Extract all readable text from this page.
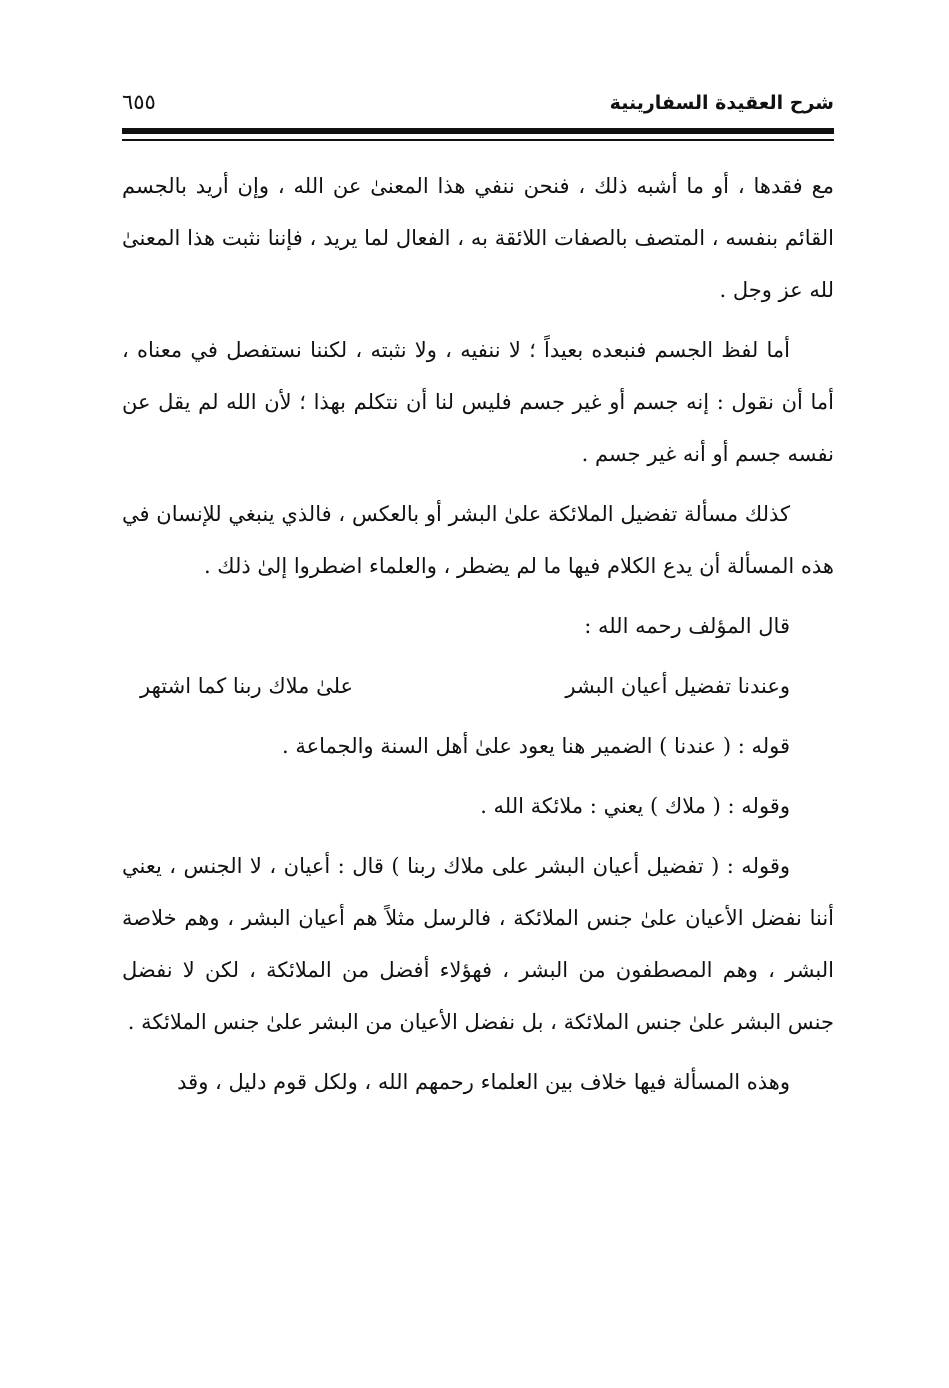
شرح العقيدة السفارينية
٦٥٥

مع فقدها ، أو ما أشبه ذلك ، فنحن ننفي هذا المعنىٰ عن الله ، وإن أريد بالجسم القائم بنفسه ، المتصف بالصفات اللائقة به ، الفعال لما يريد ، فإننا نثبت هذا المعنىٰ لله عز وجل .

أما لفظ الجسم فنبعده بعيداً ؛ لا ننفيه ، ولا نثبته ، لكننا نستفصل في معناه ، أما أن نقول : إنه جسم أو غير جسم فليس لنا أن نتكلم بهذا ؛ لأن الله لم يقل عن نفسه جسم أو أنه غير جسم .

كذلك مسألة تفضيل الملائكة علىٰ البشر أو بالعكس ، فالذي ينبغي للإنسان في هذه المسألة أن يدع الكلام فيها ما لم يضطر ، والعلماء اضطروا إلىٰ ذلك .

قال المؤلف رحمه الله :

وعندنا تفضيل أعيان البشر
علىٰ ملاك ربنا كما اشتهر

قوله : ( عندنا ) الضمير هنا يعود علىٰ أهل السنة والجماعة .

وقوله : ( ملاك ) يعني : ملائكة الله .

وقوله : ( تفضيل أعيان البشر على ملاك ربنا ) قال : أعيان ، لا الجنس ، يعني أننا نفضل الأعيان علىٰ جنس الملائكة ، فالرسل مثلاً هم أعيان البشر ، وهم خلاصة البشر ، وهم المصطفون من البشر ، فهؤلاء أفضل من الملائكة ، لكن لا نفضل جنس البشر علىٰ جنس الملائكة ، بل نفضل الأعيان من البشر علىٰ جنس الملائكة .

وهذه المسألة فيها خلاف بين العلماء رحمهم الله ، ولكل قوم دليل ، وقد
